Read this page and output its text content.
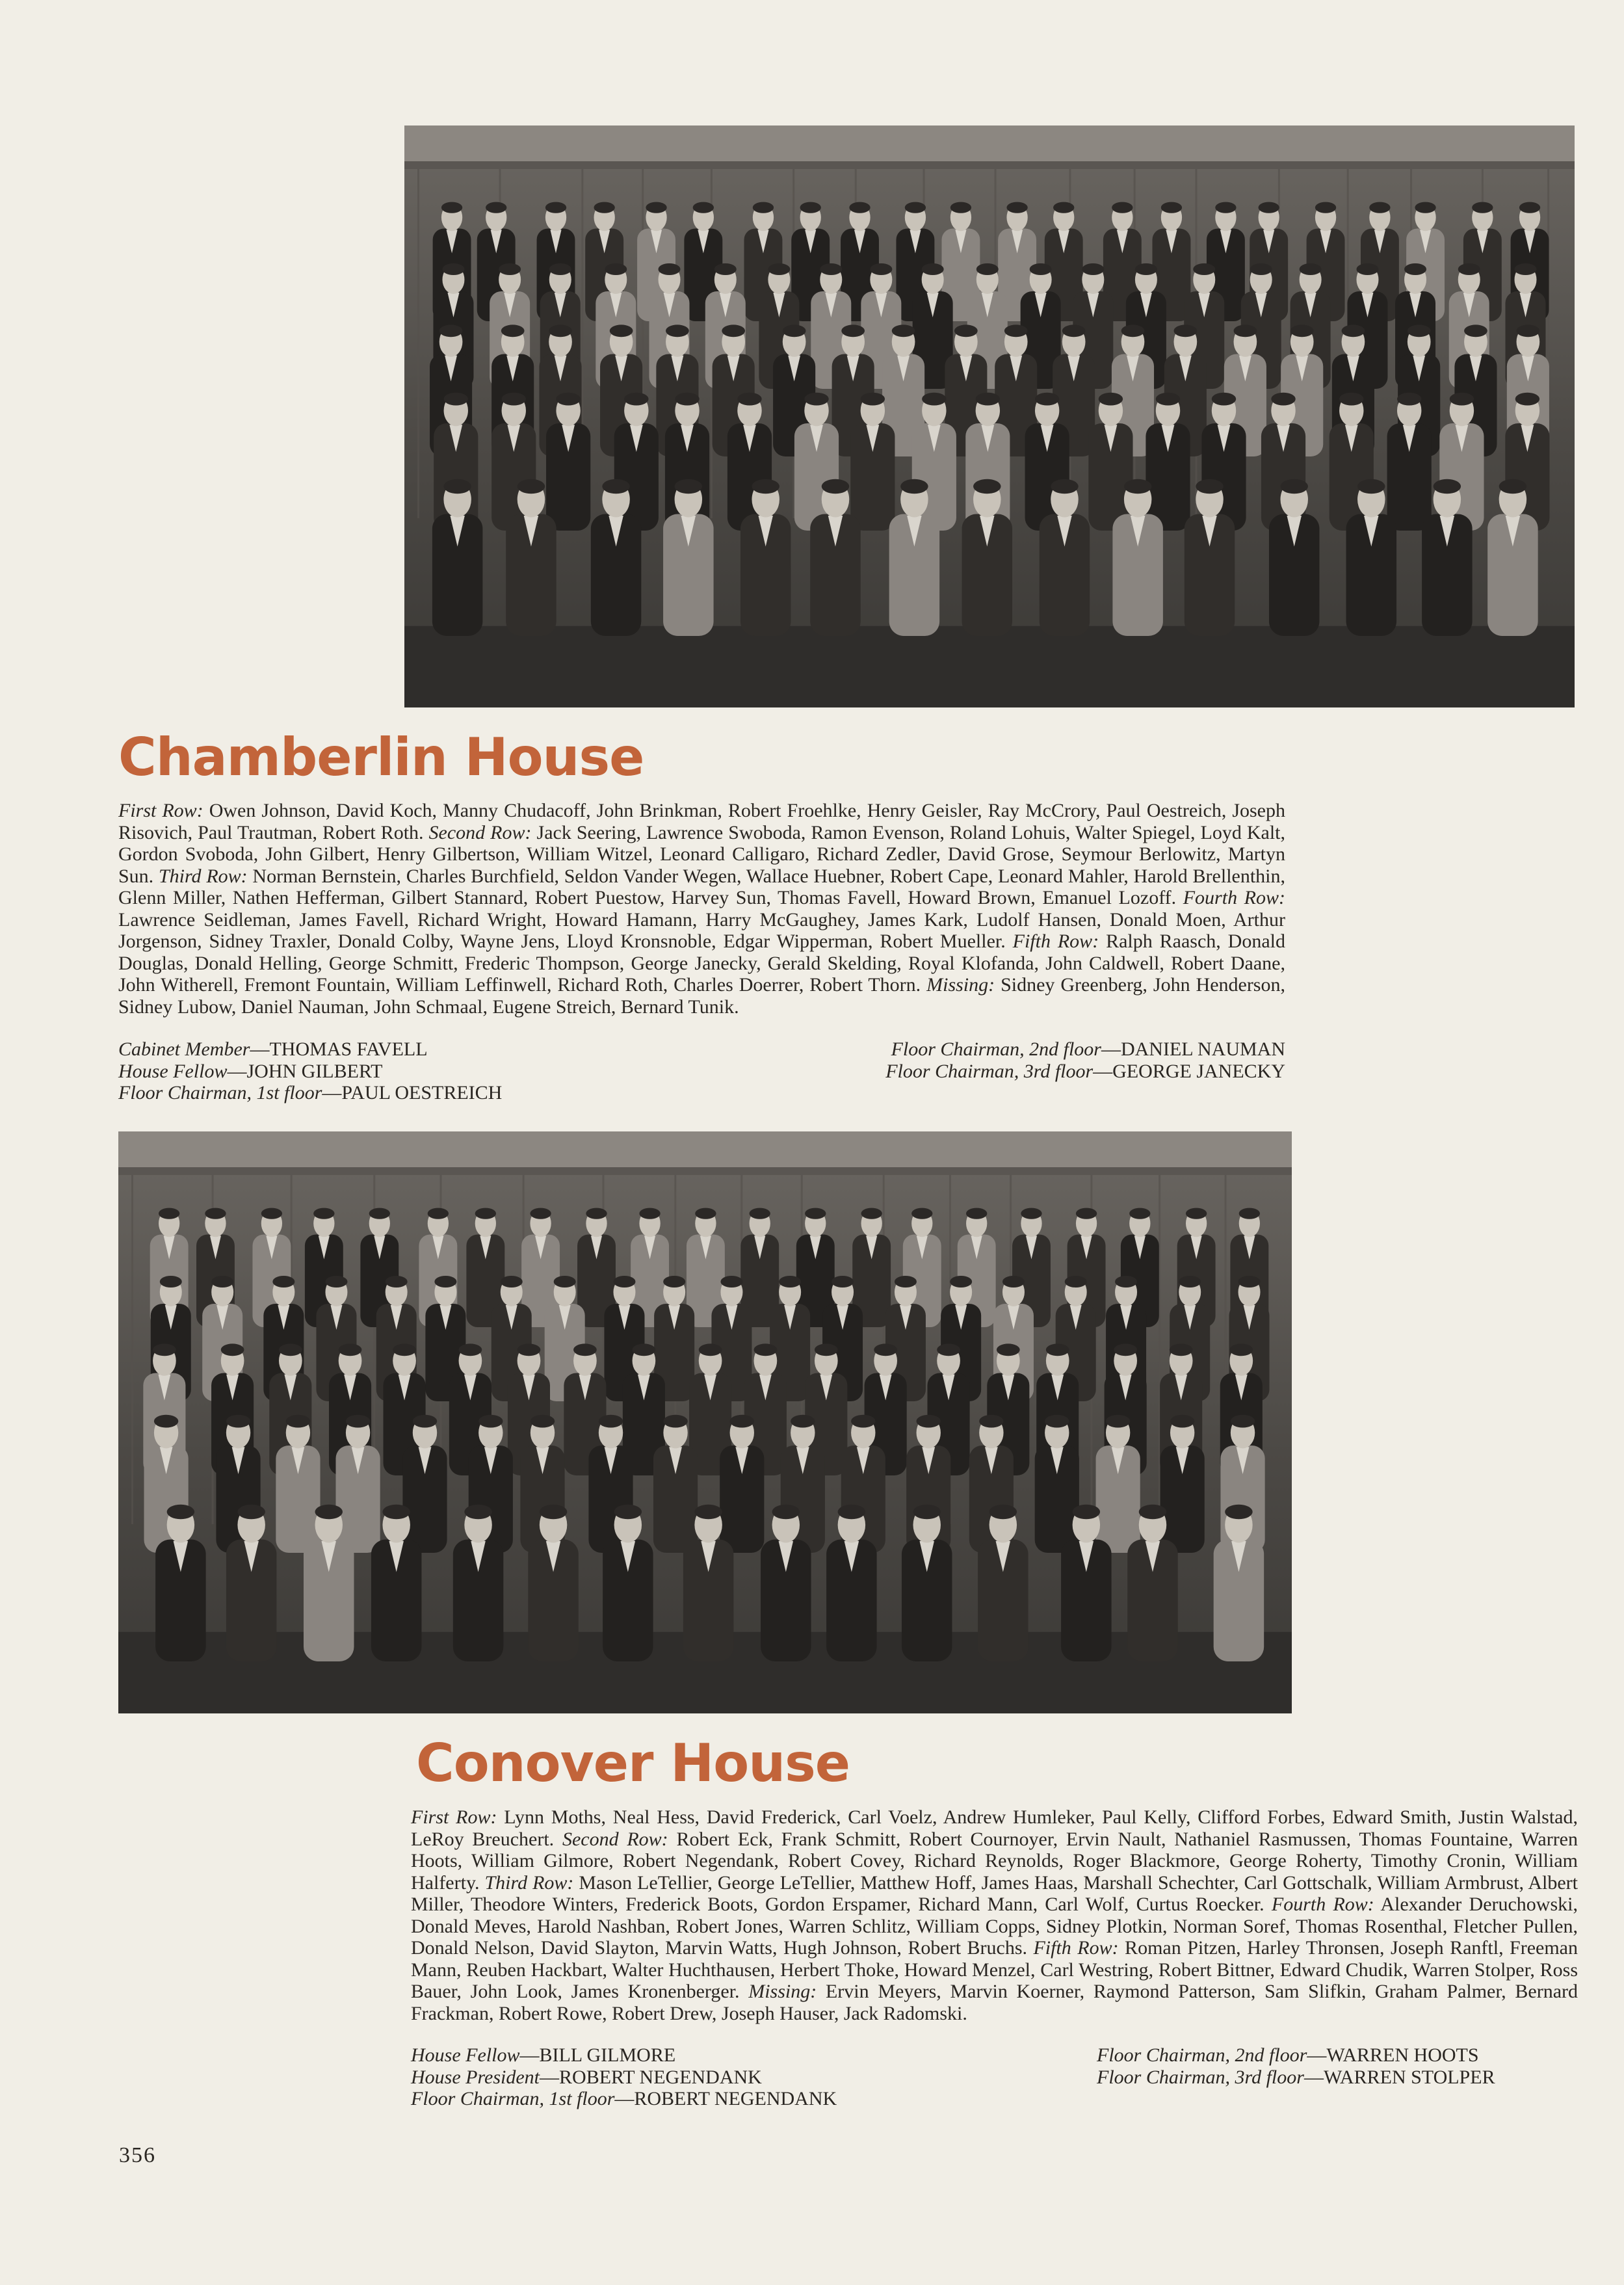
Chamberlin House

First Row: Owen Johnson, David Koch, Manny Chudacoff, John Brinkman, Robert Froehlke, Henry Geisler, Ray McCrory, Paul Oestreich, Joseph Risovich, Paul Trautman, Robert Roth. Second Row: Jack Seering, Lawrence Swoboda, Ramon Evenson, Roland Lohuis, Walter Spiegel, Loyd Kalt, Gordon Svoboda, John Gilbert, Henry Gilbertson, William Witzel, Leonard Calligaro, Richard Zedler, David Grose, Seymour Berlowitz, Martyn Sun. Third Row: Norman Bernstein, Charles Burchfield, Seldon Vander Wegen, Wallace Huebner, Robert Cape, Leonard Mahler, Harold Brellenthin, Glenn Miller, Nathen Hefferman, Gilbert Stannard, Robert Puestow, Harvey Sun, Thomas Favell, Howard Brown, Emanuel Lozoff. Fourth Row: Lawrence Seidleman, James Favell, Richard Wright, Howard Hamann, Harry McGaughey, James Kark, Ludolf Hansen, Donald Moen, Arthur Jorgenson, Sidney Traxler, Donald Colby, Wayne Jens, Lloyd Kronsnoble, Edgar Wipperman, Robert Mueller. Fifth Row: Ralph Raasch, Donald Douglas, Donald Helling, George Schmitt, Frederic Thompson, George Janecky, Gerald Skelding, Royal Klofanda, John Caldwell, Robert Daane, John Witherell, Fremont Fountain, William Leffinwell, Richard Roth, Charles Doerrer, Robert Thorn. Missing: Sidney Greenberg, John Henderson, Sidney Lubow, Daniel Nauman, John Schmaal, Eugene Streich, Bernard Tunik.

Cabinet Member—THOMAS FAVELL
House Fellow—JOHN GILBERT
Floor Chairman, 1st floor—PAUL OESTREICH
Floor Chairman, 2nd floor—DANIEL NAUMAN
Floor Chairman, 3rd floor—GEORGE JANECKY
Conover House

First Row: Lynn Moths, Neal Hess, David Frederick, Carl Voelz, Andrew Humleker, Paul Kelly, Clifford Forbes, Edward Smith, Justin Walstad, LeRoy Breuchert. Second Row: Robert Eck, Frank Schmitt, Robert Cournoyer, Ervin Nault, Nathaniel Rasmussen, Thomas Fountaine, Warren Hoots, William Gilmore, Robert Negendank, Robert Covey, Richard Reynolds, Roger Blackmore, George Roherty, Timothy Cronin, William Halferty. Third Row: Mason LeTellier, George LeTellier, Matthew Hoff, James Haas, Marshall Schechter, Carl Gottschalk, William Armbrust, Albert Miller, Theodore Winters, Frederick Boots, Gordon Erspamer, Richard Mann, Carl Wolf, Curtus Roecker. Fourth Row: Alexander Deruchowski, Donald Meves, Harold Nashban, Robert Jones, Warren Schlitz, William Copps, Sidney Plotkin, Norman Soref, Thomas Rosenthal, Fletcher Pullen, Donald Nelson, David Slayton, Marvin Watts, Hugh Johnson, Robert Bruchs. Fifth Row: Roman Pitzen, Harley Thronsen, Joseph Ranftl, Freeman Mann, Reuben Hackbart, Walter Huchthausen, Herbert Thoke, Howard Menzel, Carl Westring, Robert Bittner, Edward Chudik, Warren Stolper, Ross Bauer, John Look, James Kronenberger. Missing: Ervin Meyers, Marvin Koerner, Raymond Patterson, Sam Slifkin, Graham Palmer, Bernard Frackman, Robert Rowe, Robert Drew, Joseph Hauser, Jack Radomski.

House Fellow—BILL GILMORE
House President—ROBERT NEGENDANK
Floor Chairman, 1st floor—ROBERT NEGENDANK
Floor Chairman, 2nd floor—WARREN HOOTS
Floor Chairman, 3rd floor—WARREN STOLPER
356
